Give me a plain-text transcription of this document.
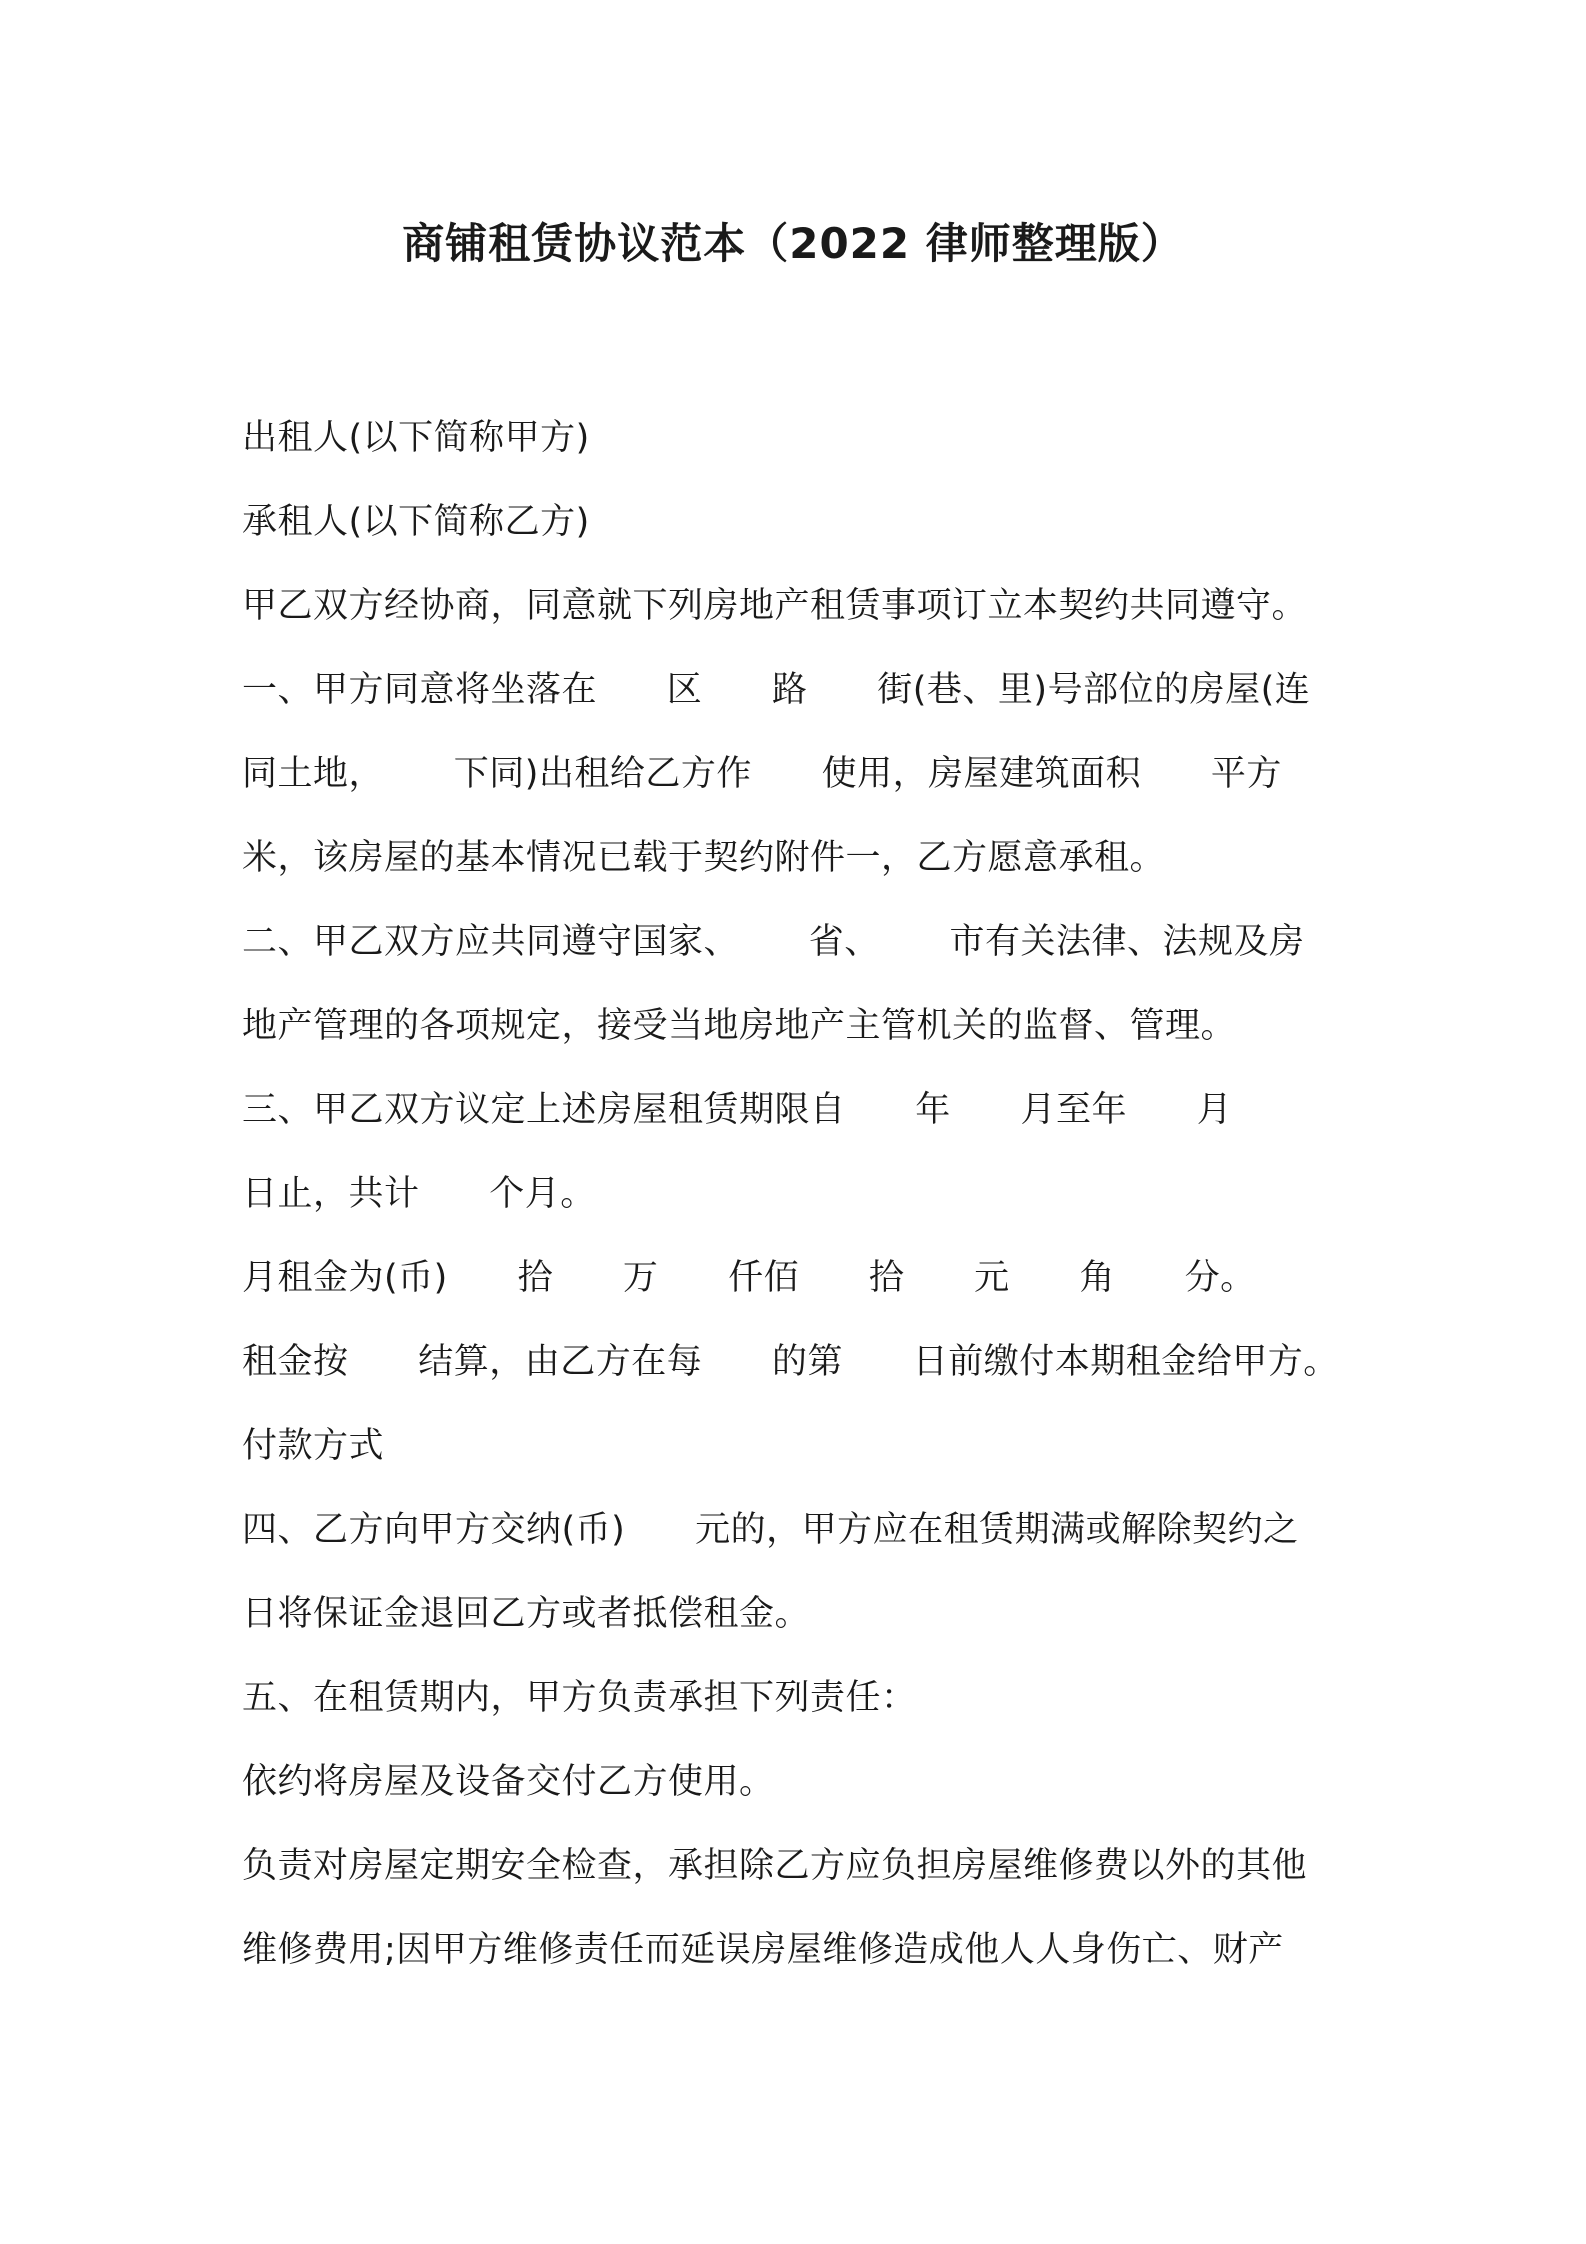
商铺租赁协议范本（2022 律师整理版）
出租人(以下简称甲方)
承租人(以下简称乙方)
甲乙双方经协商，同意就下列房地产租赁事项订立本契约共同遵守。
一、甲方同意将坐落在      区      路      街(巷、里)号部位的房屋(连
同土地，      下同)出租给乙方作      使用，房屋建筑面积      平方
米，该房屋的基本情况已载于契约附件一，乙方愿意承租。
二、甲乙双方应共同遵守国家、      省、      市有关法律、法规及房
地产管理的各项规定，接受当地房地产主管机关的监督、管理。
三、甲乙双方议定上述房屋租赁期限自      年      月至年      月
日止，共计      个月。
月租金为(币)      拾      万      仟佰      拾      元      角      分。
租金按      结算，由乙方在每      的第      日前缴付本期租金给甲方。
付款方式
四、乙方向甲方交纳(币)      元的，甲方应在租赁期满或解除契约之
日将保证金退回乙方或者抵偿租金。
五、在租赁期内，甲方负责承担下列责任：
依约将房屋及设备交付乙方使用。
负责对房屋定期安全检查，承担除乙方应负担房屋维修费以外的其他
维修费用;因甲方维修责任而延误房屋维修造成他人人身伤亡、财产
